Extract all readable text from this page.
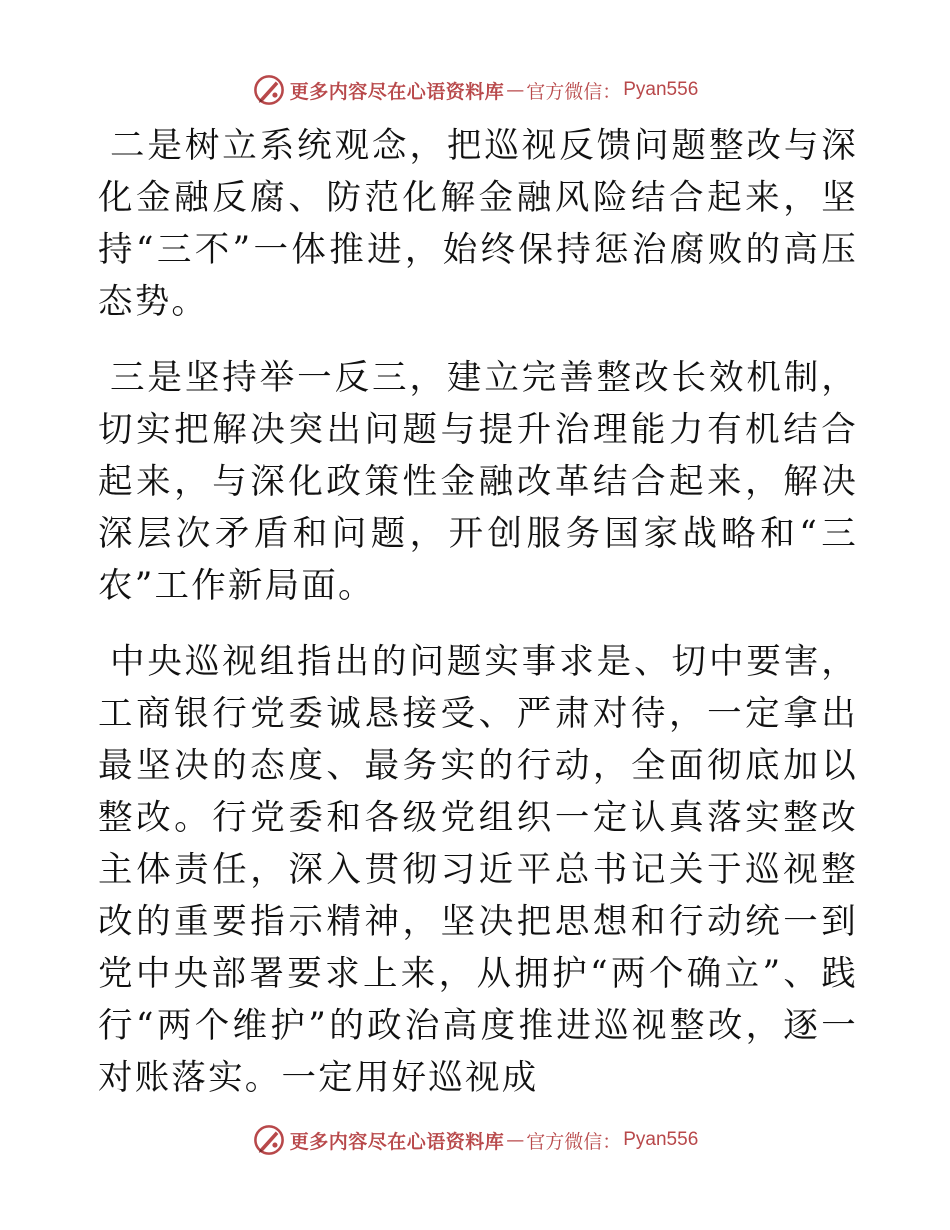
更多内容尽在心语资料库 — 官方微信： Pyan556

二是树立系统观念，把巡视反馈问题整改与深化金融反腐、防范化解金融风险结合起来，坚持“三不”一体推进，始终保持惩治腐败的高压态势。

三是坚持举一反三，建立完善整改长效机制，切实把解决突出问题与提升治理能力有机结合起来，与深化政策性金融改革结合起来，解决深层次矛盾和问题，开创服务国家战略和“三农”工作新局面。

中央巡视组指出的问题实事求是、切中要害，工商银行党委诚恳接受、严肃对待，一定拿出最坚决的态度、最务实的行动，全面彻底加以整改。行党委和各级党组织一定认真落实整改主体责任，深入贯彻习近平总书记关于巡视整改的重要指示精神，坚决把思想和行动统一到党中央部署要求上来，从拥护“两个确立”、践行“两个维护”的政治高度推进巡视整改，逐一对账落实。一定用好巡视成

更多内容尽在心语资料库 — 官方微信： Pyan556
